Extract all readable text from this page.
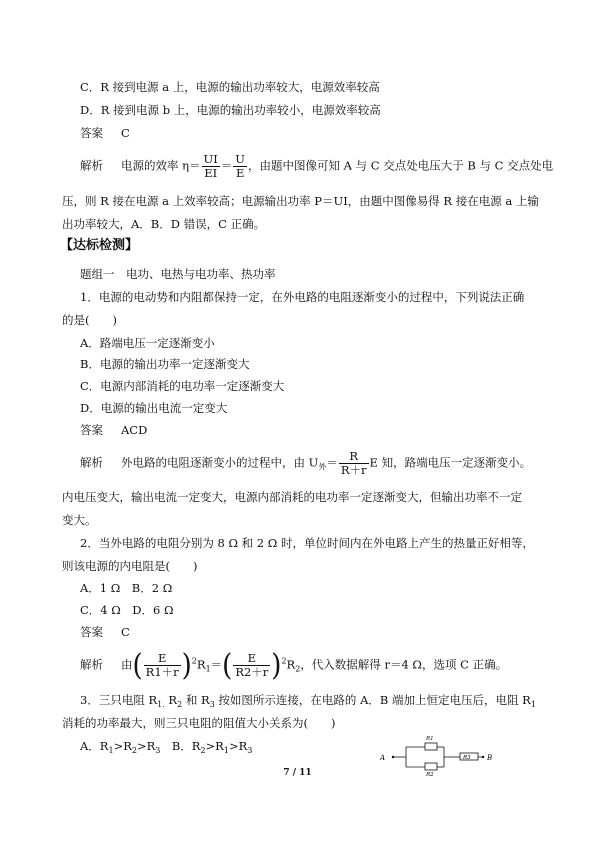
C．R 接到电源 a 上，电源的输出功率较大，电源效率较高
D．R 接到电源 b 上，电源的输出功率较小，电源效率较高
答案 C
解析 电源的效率 $\eta= \frac{UI}{EI} = \frac{U}{E}$ ，由题中图像可知 A 与 C 交点处电压大于 B 与 C 交点处电
压，则 R 接在电源 a 上效率较高；电源输出功率 P＝UI，由题中图像易得 R 接在电源 a 上输
出功率较大，A．B．D 错误，C 正确。
【达标检测】
题组一　电功、电热与电功率、热功率
1．电源的电动势和内阻都保持一定，在外电路的电阻逐渐变小的过程中，下列说法正确
的是(　　)
A．路端电压一定逐渐变小
B．电源的输出功率一定逐渐变大
C．电源内部消耗的电功率一定逐渐变大
D．电源的输出电流一定变大
答案 ACD
解析 外电路的电阻逐渐变小的过程中，由 $U_外= \frac{R}{R+r}$ E 知，路端电压一定逐渐变小。
内电压变大，输出电流一定变大，电源内部消耗的电功率一定逐渐变大，但输出功率不一定
变大。
2．当外电路的电阻分别为 8 Ω 和 2 Ω 时，单位时间内在外电路上产生的热量正好相等，
则该电源的内电阻是(　　)
A．1 Ω　B．2 Ω
C．4 Ω　D．6 Ω
答案 C
解析 由( $\frac{E}{R1+r} )^2R_1=( \frac{E}{R2+r} )^2R_2$，代入数据解得 r＝4 Ω，选项 C 正确。
3．三只电阻 $R_{1.}$ $R_2$ 和 $R_3$ 按如图所示连接，在电路的 A．B 端加上恒定电压后，电阻 $R_1$
消耗的功率最大，则三只电阻的阻值大小关系为(　　)
A．$R_1>R_2>R_3$　B．$R_2>R_1>R_3$
A
R1
R2
R3 B
7 / 11
